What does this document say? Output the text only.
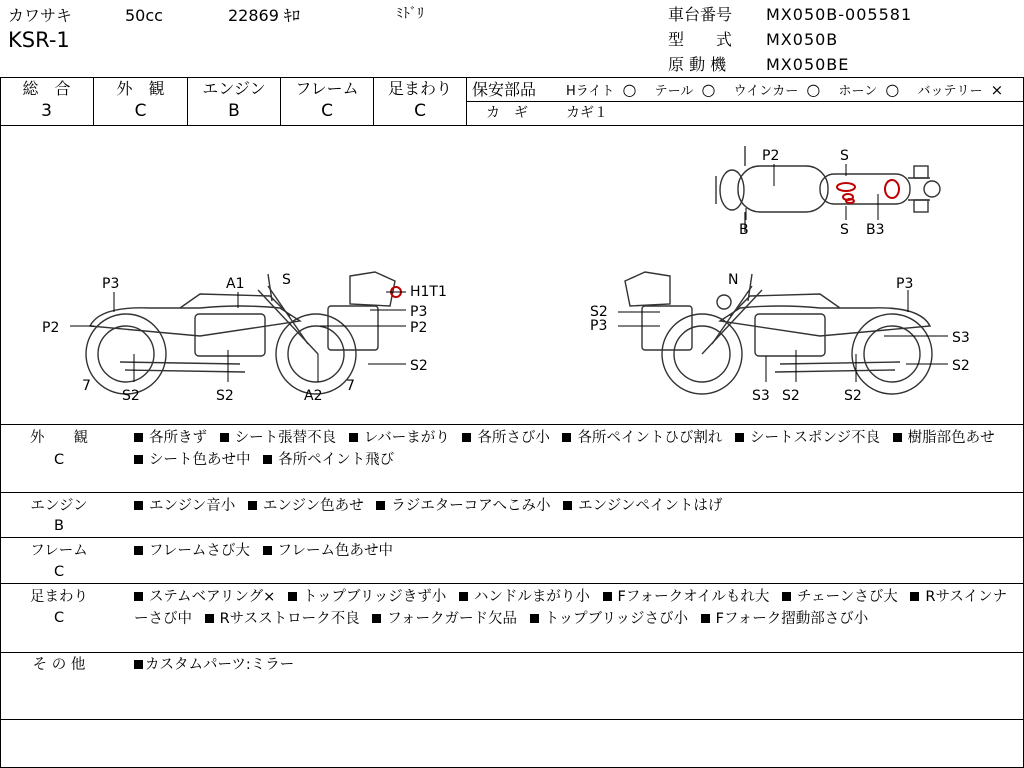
カワサキ	50cc	22869 ｷﾛ	ﾐﾄﾞﾘ
KSR-1
車台番号 MX050B-005581
型　　式 MX050B
原 動 機 MX050BE
総　合
3
外　観
C
エンジン
B
フレーム
C
足まわり
C
保安部品 Hライト ○ テール ○ ウインカー ○ ホーン ○ バッテリー ×
カ　ギ	カギ１
P2	S
B	S B3
P3	A1	S
H1T1
P3
P2
P2
7
S2	S2	A2
7
S2
N	P3
S2
P3
S3
S2
S3 S2	S2
外　　観
C
各所きず シート張替不良 レバーまがり 各所さび小 各所ペイントひび割れ シートスポンジ不良 樹脂部色あせ シート色あせ中 各所ペイント飛び
エンジン
B
エンジン音小 エンジン色あせ ラジエターコアへこみ小 エンジンペイントはげ
フレーム
C
フレームさび大 フレーム色あせ中
足まわり
C
ステムベアリング× トップブリッジきず小 ハンドルまがり小 Fフォークオイルもれ大 チェーンさび大 Rサスインナーさび中 Rサスストローク不良 フォークガード欠品 トップブリッジさび小 Fフォーク摺動部さび小
そ の 他	カスタムパーツ:ミラー
